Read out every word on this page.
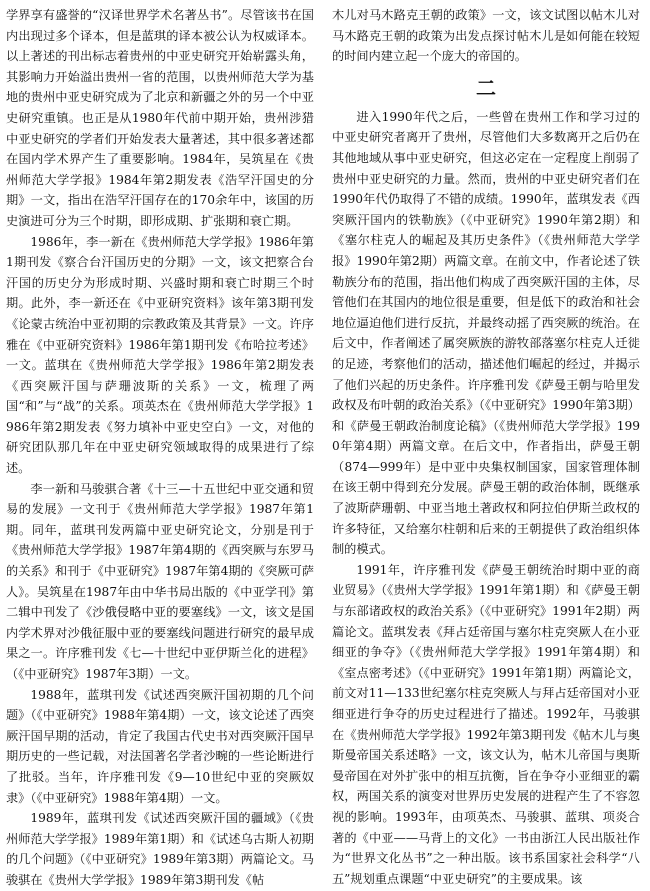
学界享有盛誉的“汉译世界学术名著丛书”。尽管该书在国内出现过多个译本，但是蓝琪的译本被公认为权威译本。以上著述的刊出标志着贵州的中亚史研究开始崭露头角，其影响力开始溢出贵州一省的范围，以贵州师范大学为基地的贵州中亚史研究成为了北京和新疆之外的另一个中亚史研究重镇。也正是从1980年代前中期开始，贵州涉猎中亚史研究的学者们开始发表大量著述，其中很多著述都在国内学术界产生了重要影响。1984年，吴筑星在《贵州师范大学学报》1984年第2期发表《浩罕汗国史的分期》一文，指出在浩罕汗国存在的170余年中，该国的历史演进可分为三个时期，即形成期、扩张期和衰亡期。

1986年，李一新在《贵州师范大学学报》1986年第1期刊发《察合台汗国历史的分期》一文，该文把察合台汗国的历史分为形成时期、兴盛时期和衰亡时期三个时期。此外，李一新还在《中亚研究资料》该年第3期刊发《论蒙古统治中亚初期的宗教政策及其背景》一文。许序雅在《中亚研究资料》1986年第1期刊发《布哈拉考述》一文。蓝琪在《贵州师范大学学报》1986年第2期发表《西突厥汗国与萨珊波斯的关系》一文，梳理了两国“和”与“战”的关系。项英杰在《贵州师范大学学报》1986年第2期发表《努力填补中亚史空白》一文，对他的研究团队那几年在中亚史研究领域取得的成果进行了综述。

李一新和马骏骐合著《十三—十五世纪中亚交通和贸易的发展》一文刊于《贵州师范大学学报》1987年第1期。同年，蓝琪刊发两篇中亚史研究论文，分别是刊于《贵州师范大学学报》1987年第4期的《西突厥与东罗马的关系》和刊于《中亚研究》1987年第4期的《突厥可萨人》。吴筑星在1987年由中华书局出版的《中亚学刊》第二辑中刊发了《沙俄侵略中亚的要塞线》一文，该文是国内学术界对沙俄征服中亚的要塞线问题进行研究的最早成果之一。许序雅刊发《七—十世纪中亚伊斯兰化的进程》（《中亚研究》1987年3期）一文。

1988年，蓝琪刊发《试述西突厥汗国初期的几个问题》（《中亚研究》1988年第4期）一文，该文论述了西突厥汗国早期的活动，肯定了我国古代史书对西突厥汗国早期历史的一些记载，对法国著名学者沙畹的一些论断进行了批驳。当年，许序雅刊发《9—10世纪中亚的突厥奴隶》（《中亚研究》1988年第4期）一文。

1989年，蓝琪刊发《试述西突厥汗国的疆域》（《贵州师范大学学报》1989年第1期）和《试述乌古斯人初期的几个问题》（《中亚研究》1989年第3期）两篇论文。马骏骐在《贵州大学学报》1989年第3期刊发《帖

木儿对马木路克王朝的政策》一文，该文试图以帖木儿对马木路克王朝的政策为出发点探讨帖木儿是如何能在较短的时间内建立起一个庞大的帝国的。

二

进入1990年代之后，一些曾在贵州工作和学习过的中亚史研究者离开了贵州，尽管他们大多数离开之后仍在其他地域从事中亚史研究，但这必定在一定程度上削弱了贵州中亚史研究的力量。然而，贵州的中亚史研究者们在1990年代仍取得了不错的成绩。1990年，蓝琪发表《西突厥汗国内的铁勒族》（《中亚研究》1990年第2期）和《塞尔柱克人的崛起及其历史条件》（《贵州师范大学学报》1990年第2期）两篇文章。在前文中，作者论述了铁勒族分布的范围，指出他们构成了西突厥汗国的主体，尽管他们在其国内的地位很是重要，但是低下的政治和社会地位逼迫他们进行反抗，并最终动摇了西突厥的统治。在后文中，作者阐述了属突厥族的游牧部落塞尔柱克人迁徙的足迹，考察他们的活动，描述他们崛起的经过，并揭示了他们兴起的历史条件。许序雅刊发《萨曼王朝与哈里发政权及布叶朝的政治关系》（《中亚研究》1990年第3期）和《萨曼王朝政治制度论稿》（《贵州师范大学学报》1990年第4期）两篇文章。在后文中，作者指出，萨曼王朝（874—999年）是中亚中央集权制国家，国家管理体制在该王朝中得到充分发展。萨曼王朝的政治体制，既继承了波斯萨珊朝、中亚当地土著政权和阿拉伯伊斯兰政权的许多特征，又给塞尔柱朝和后来的王朝提供了政治组织体制的模式。

1991年，许序雅刊发《萨曼王朝统治时期中亚的商业贸易》（《贵州大学学报》1991年第1期）和《萨曼王朝与东部诸政权的政治关系》（《中亚研究》1991年2期）两篇论文。蓝琪发表《拜占廷帝国与塞尔柱克突厥人在小亚细亚的争夺》（《贵州师范大学学报》1991年第4期）和《室点密考述》（《中亚研究》1991年第1期）两篇论文，前文对11—133世纪塞尔柱克突厥人与拜占廷帝国对小亚细亚进行争夺的历史过程进行了描述。1992年，马骏骐在《贵州师范大学学报》1992年第3期刊发《帖木儿与奥斯曼帝国关系述略》一文，该文认为，帖木儿帝国与奥斯曼帝国在对外扩张中的相互抗衡，旨在争夺小亚细亚的霸权，两国关系的演变对世界历史发展的进程产生了不容忽视的影响。1993年，由项英杰、马骏骐、蓝琪、项炎合著的《中亚——马背上的文化》一书由浙江人民出版社作为“世界文化丛书”之一种出版。该书系国家社会科学“八五”规划重点课题“中亚史研究”的主要成果。该
